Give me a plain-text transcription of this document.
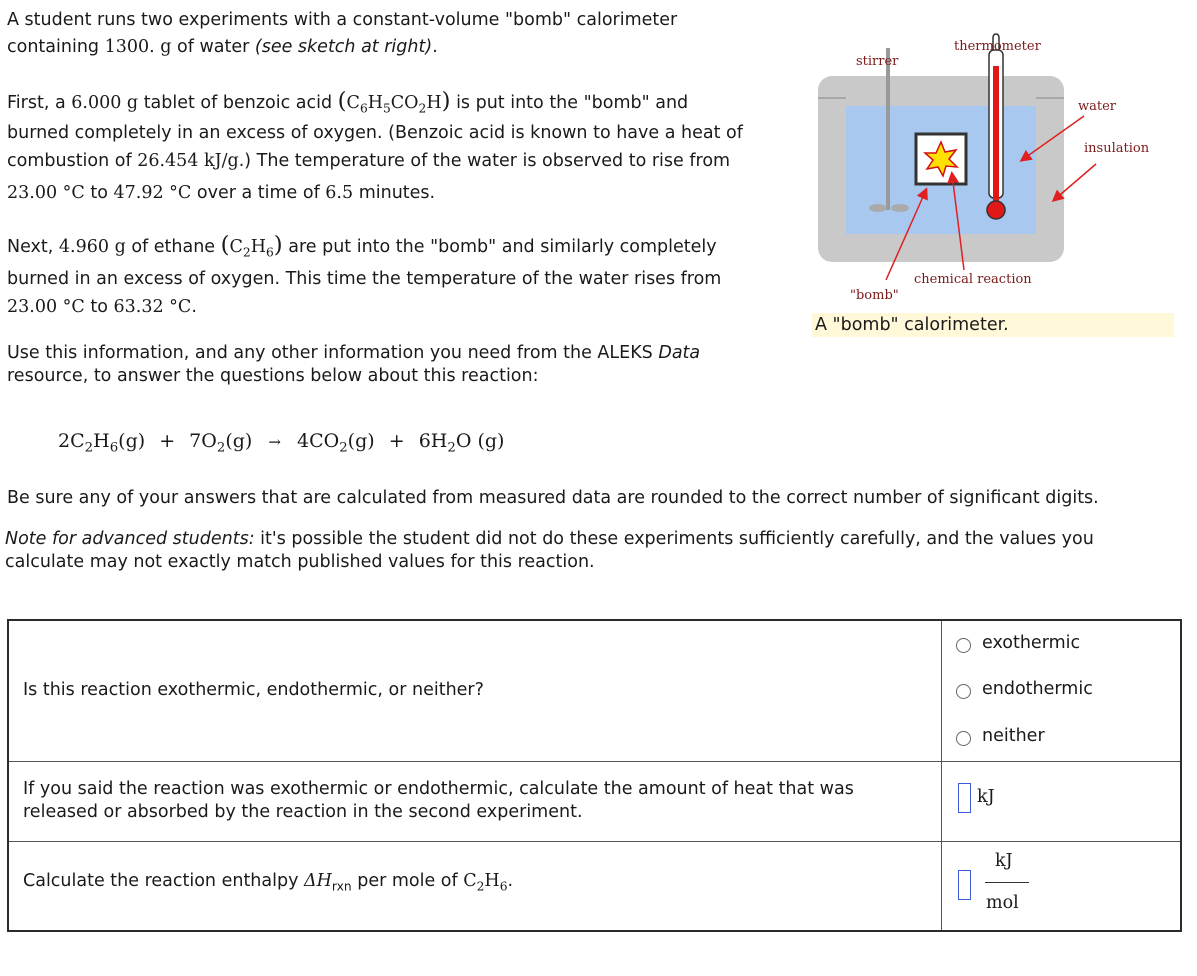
A student runs two experiments with a constant-volume "bomb" calorimeter
containing 1300. g of water (see sketch at right).
First, a 6.000 g tablet of benzoic acid $(C_6H_5CO_2H)$ is put into the "bomb" and
burned completely in an excess of oxygen. (Benzoic acid is known to have a heat of
combustion of 26.454 kJ/g.) The temperature of the water is observed to rise from
23.00 °C to 47.92 °C over a time of 6.5 minutes.
Next, 4.960 g of ethane $(C_2H_6)$ are put into the "bomb" and similarly completely
burned in an excess of oxygen. This time the temperature of the water rises from
23.00 °C to 63.32 °C.
Use this information, and any other information you need from the ALEKS Data
resource, to answer the questions below about this reaction:
$2C_2H_6(g) + 7O_2(g) \to 4CO_2(g) + 6H_2O$ (g)
Be sure any of your answers that are calculated from measured data are rounded to the correct number of significant digits.
Note for advanced students: it's possible the student did not do these experiments sufficiently carefully, and the values you
calculate may not exactly match published values for this reaction.
stirrer
thermometer
water
insulation
chemical reaction
"bomb"
A "bomb" calorimeter.
Is this reaction exothermic, endothermic, or neither?
exothermic
endothermic
neither
If you said the reaction was exothermic or endothermic, calculate the amount of heat that was
released or absorbed by the reaction in the second experiment.
kJ
Calculate the reaction enthalpy $\Delta H_{rxn}$ per mole of $C_2H_6$.
kJ
mol
